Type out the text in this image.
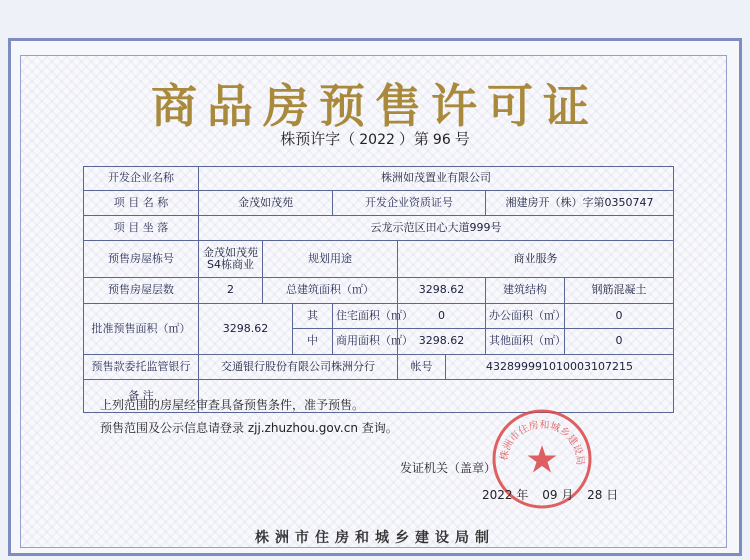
商品房预售许可证
株预许字（ 2022 ）第 96 号
开发企业名称	株洲如茂置业有限公司							
项 目 名 称	金茂如茂苑			开发企业资质证号			湘建房开（株）字第0350747	
项 目 坐 落	云龙示范区田心大道999号							
预售房屋栋号	金茂如茂苑S4栋商业	规划用途			商业服务			
预售房屋层数	2	总建筑面积（㎡）			3298.62		建筑结构	钢筋混凝土
批准预售面积（㎡）	3298.62		其	住宅面积（㎡）	0		办公面积（㎡）	0
			中	商用面积（㎡）	3298.62		其他面积（㎡）	0
预售款委托监管银行	交通银行股份有限公司株洲分行				帐号	432899991010003107215		
备 注								
上列范围的房屋经审查具备预售条件，准予预售。
预售范围及公示信息请登录 zjj.zhuzhou.gov.cn 查询。
株洲市住房和城乡建设局
发证机关（盖章）
2022 年 09 月 28 日
株洲市住房和城乡建设局制
